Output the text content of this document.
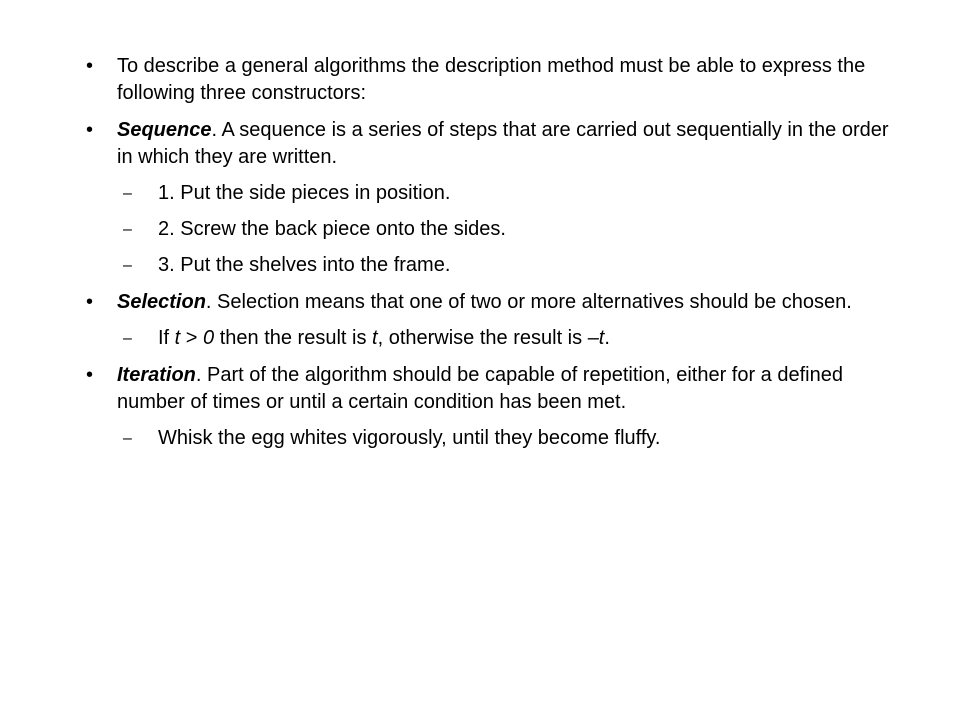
• To describe a general algorithms the description method must be able to express the following three constructors:
• Sequence. A sequence is a series of steps that are carried out sequentially in the order in which they are written.
– 1. Put the side pieces in position.
– 2. Screw the back piece onto the sides.
– 3. Put the shelves into the frame.
• Selection. Selection means that one of two or more alternatives should be chosen.
– If t > 0 then the result is t, otherwise the result is –t.
• Iteration. Part of the algorithm should be capable of repetition, either for a defined number of times or until a certain condition has been met.
– Whisk the egg whites vigorously, until they become fluffy.
